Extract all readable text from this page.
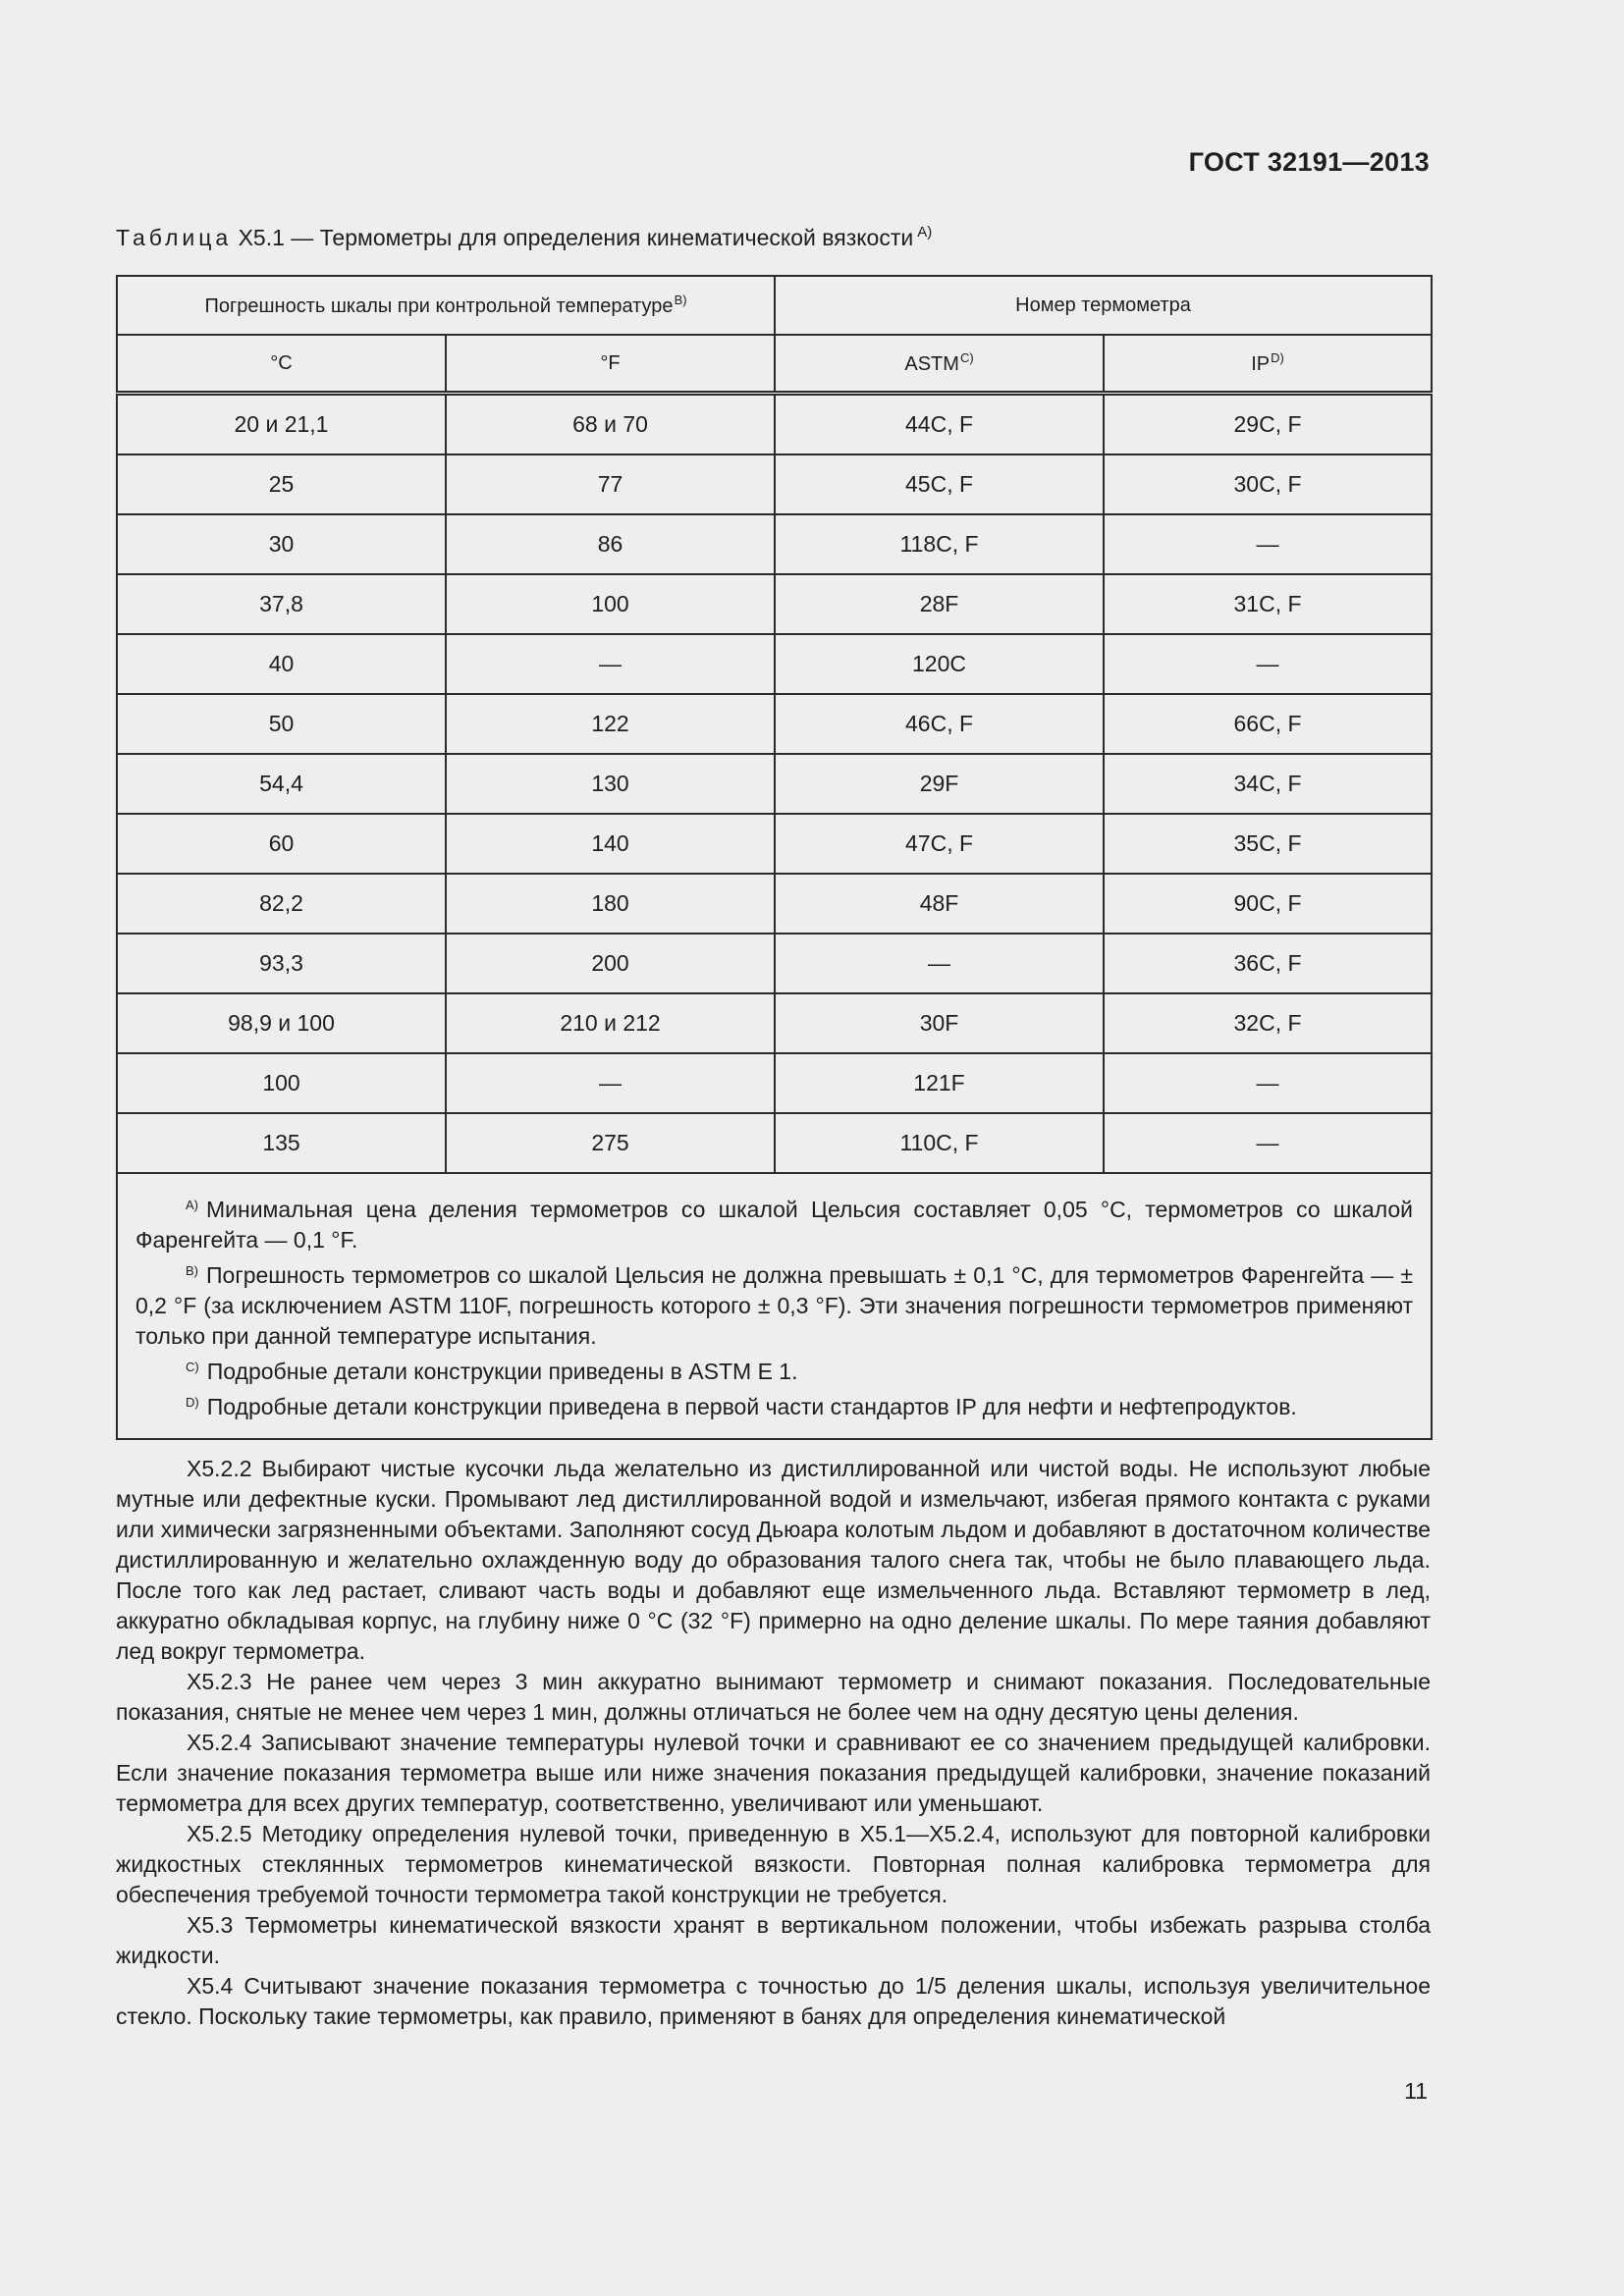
ГОСТ 32191—2013
Таблица Х5.1 — Термометры для определения кинематической вязкости $^{A)}$
Погрешность шкалы при контрольной температуре$^{B)}$		Номер термометра	
°C	°F	$ASTM^{C)}$	$IP^{D)}$
20 и 21,1	68 и 70	44C, F	29C, F
25	77	45C, F	30C, F
30	86	118C, F	—
37,8	100	28F	31C, F
40	—	120C	—
50	122	46C, F	66C, F
54,4	130	29F	34C, F
60	140	47C, F	35C, F
82,2	180	48F	90C, F
93,3	200	—	36C, F
98,9 и 100	210 и 212	30F	32C, F
100	—	121F	—
135	275	110C, F	—

$^{A)}$ Минимальная цена деления термометров со шкалой Цельсия составляет 0,05 °C, термометров со шкалой Фаренгейта — 0,1 °F.
$^{B)}$ Погрешность термометров со шкалой Цельсия не должна превышать ± 0,1 °C, для термометров Фаренгейта — ± 0,2 °F (за исключением ASTM 110F, погрешность которого ± 0,3 °F). Эти значения погрешности термометров применяют только при данной температуре испытания.
$^{C)}$ Подробные детали конструкции приведены в ASTM E 1.
$^{D)}$ Подробные детали конструкции приведена в первой части стандартов IP для нефти и нефтепродуктов.			

Х5.2.2 Выбирают чистые кусочки льда желательно из дистиллированной или чистой воды. Не используют любые мутные или дефектные куски. Промывают лед дистиллированной водой и измельчают, избегая прямого контакта с руками или химически загрязненными объектами. Заполняют сосуд Дьюара колотым льдом и добавляют в достаточном количестве дистиллированную и желательно охлажденную воду до образования талого снега так, чтобы не было плавающего льда. После того как лед растает, сливают часть воды и добавляют еще измельченного льда. Вставляют термометр в лед, аккуратно обкладывая корпус, на глубину ниже 0 °C (32 °F) примерно на одно деление шкалы. По мере таяния добавляют лед вокруг термометра.

Х5.2.3 Не ранее чем через 3 мин аккуратно вынимают термометр и снимают показания. Последовательные показания, снятые не менее чем через 1 мин, должны отличаться не более чем на одну десятую цены деления.

Х5.2.4 Записывают значение температуры нулевой точки и сравнивают ее со значением предыдущей калибровки. Если значение показания термометра выше или ниже значения показания предыдущей калибровки, значение показаний термометра для всех других температур, соответственно, увеличивают или уменьшают.

Х5.2.5 Методику определения нулевой точки, приведенную в Х5.1—Х5.2.4, используют для повторной калибровки жидкостных стеклянных термометров кинематической вязкости. Повторная полная калибровка термометра для обеспечения требуемой точности термометра такой конструкции не требуется.

Х5.3 Термометры кинематической вязкости хранят в вертикальном положении, чтобы избежать разрыва столба жидкости.

Х5.4 Считывают значение показания термометра с точностью до 1/5 деления шкалы, используя увеличительное стекло. Поскольку такие термометры, как правило, применяют в банях для определения кинематической

11
